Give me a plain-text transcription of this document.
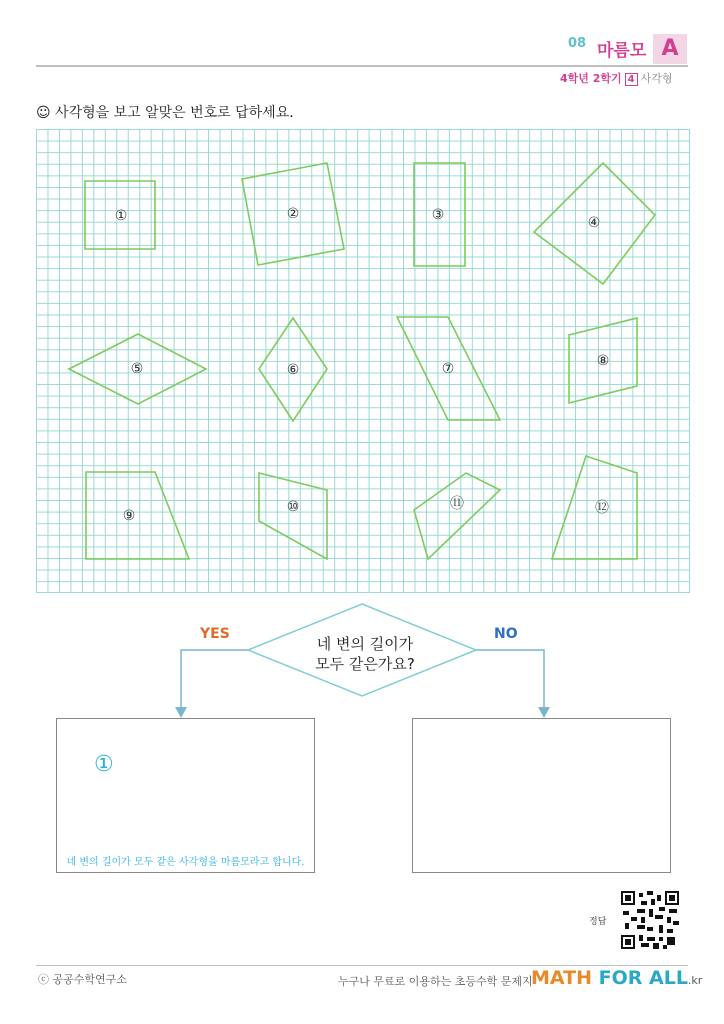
08 마름모 A
4학년 2학기 4 사각형
☺ 사각형을 보고 알맞은 번호로 답하세요.
①	②	③	④
⑤	⑥	⑦	⑧
⑨
⑩	⑪	⑫
네 변의 길이가
모두 같은가요?
YES	NO
①
네 변의 길이가 모두 같은 사각형을 마름모라고 합니다.
정답
ⓒ 공공수학연구소	누구나 무료로 이용하는 초등수학 문제지
MATH FOR ALL.kr
